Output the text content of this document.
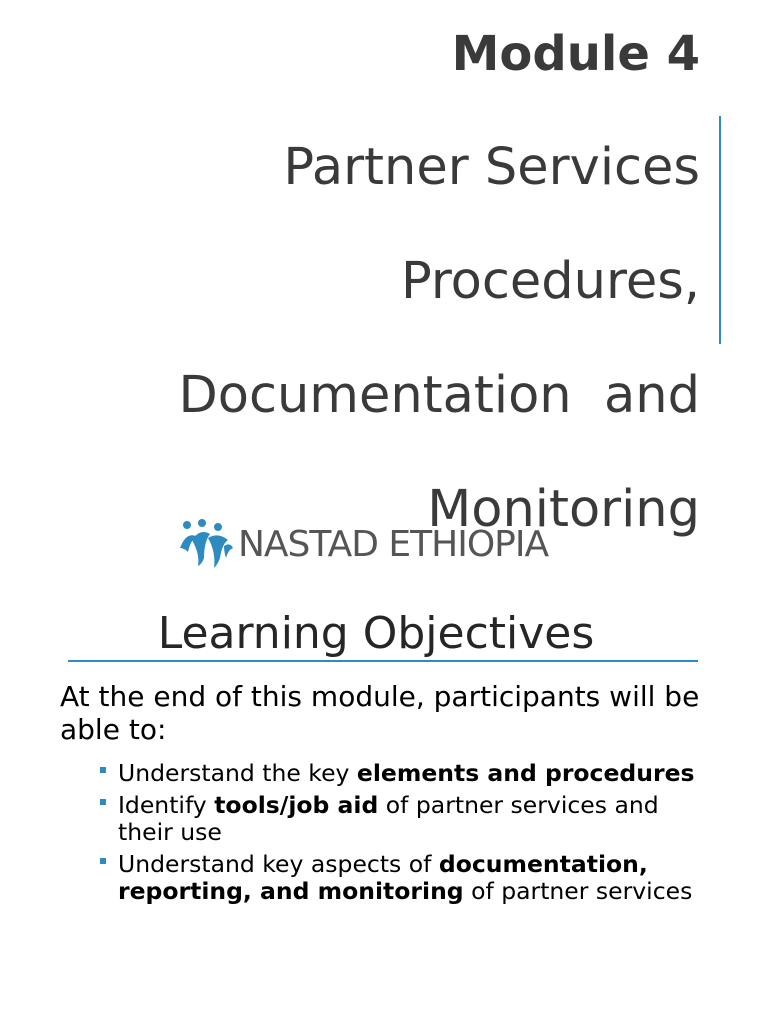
Module 4

Partner Services

Procedures,

Documentation  and

Monitoring

NASTAD ETHIOPIA
Learning Objectives
At the end of this module, participants will be able to:
Understand the key elements and procedures
Identify tools/job aid of partner services and their use
Understand key aspects of documentation, reporting, and monitoring of partner services
